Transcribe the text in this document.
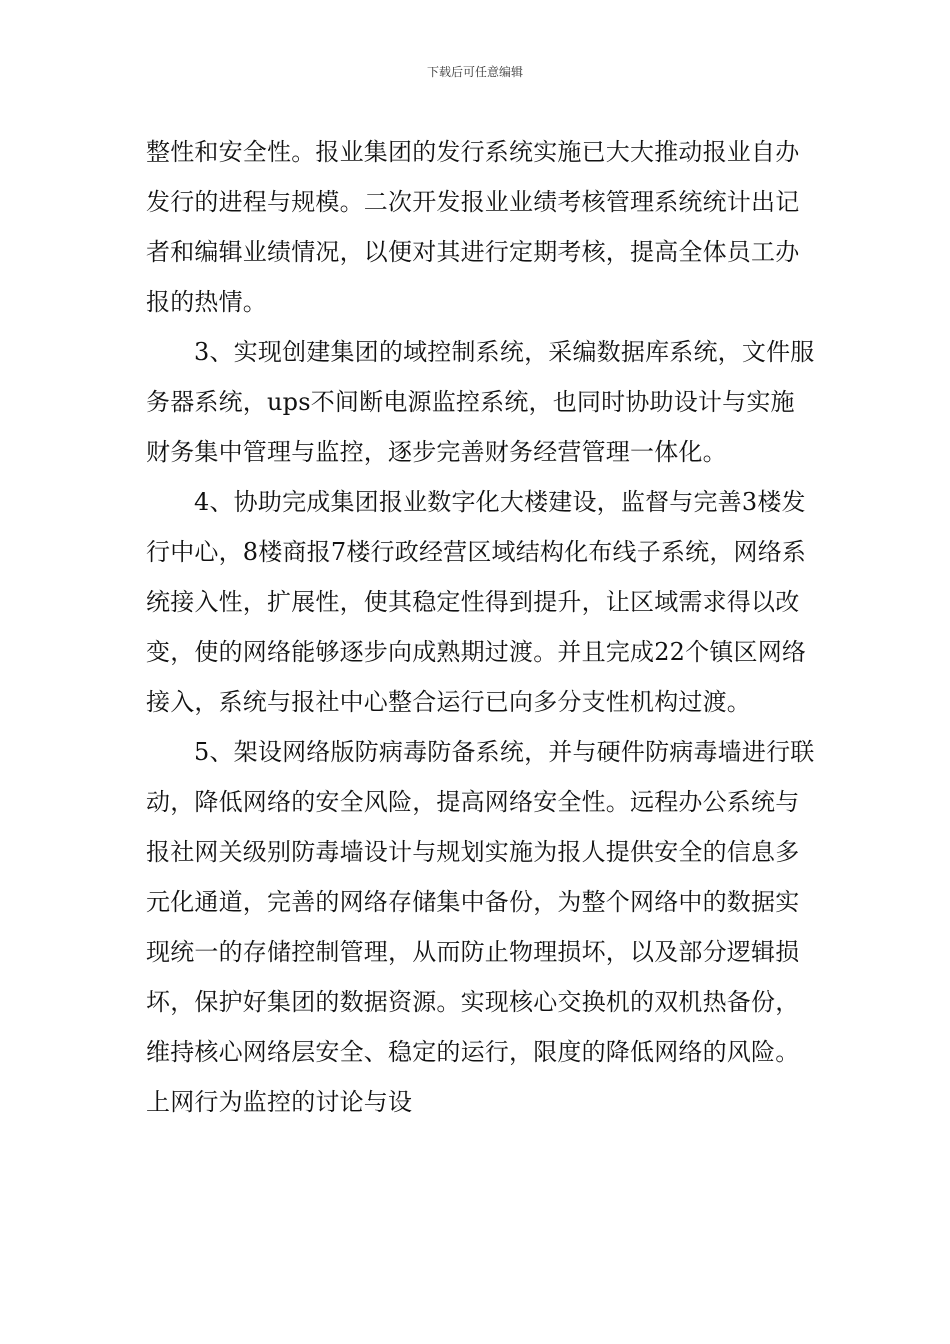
下载后可任意编辑

整性和安全性。报业集团的发行系统实施已大大推动报业自办发行的进程与规模。二次开发报业业绩考核管理系统统计出记者和编辑业绩情况，以便对其进行定期考核，提高全体员工办报的热情。

3、实现创建集团的域控制系统，采编数据库系统，文件服务器系统，ups不间断电源监控系统，也同时协助设计与实施财务集中管理与监控，逐步完善财务经营管理一体化。

4、协助完成集团报业数字化大楼建设，监督与完善3楼发行中心，8楼商报7楼行政经营区域结构化布线子系统，网络系统接入性，扩展性，使其稳定性得到提升，让区域需求得以改变，使的网络能够逐步向成熟期过渡。并且完成22个镇区网络接入，系统与报社中心整合运行已向多分支性机构过渡。

5、架设网络版防病毒防备系统，并与硬件防病毒墙进行联动，降低网络的安全风险，提高网络安全性。远程办公系统与报社网关级别防毒墙设计与规划实施为报人提供安全的信息多元化通道，完善的网络存储集中备份，为整个网络中的数据实现统一的存储控制管理，从而防止物理损坏，以及部分逻辑损坏，保护好集团的数据资源。实现核心交换机的双机热备份，维持核心网络层安全、稳定的运行，限度的降低网络的风险。上网行为监控的讨论与设
